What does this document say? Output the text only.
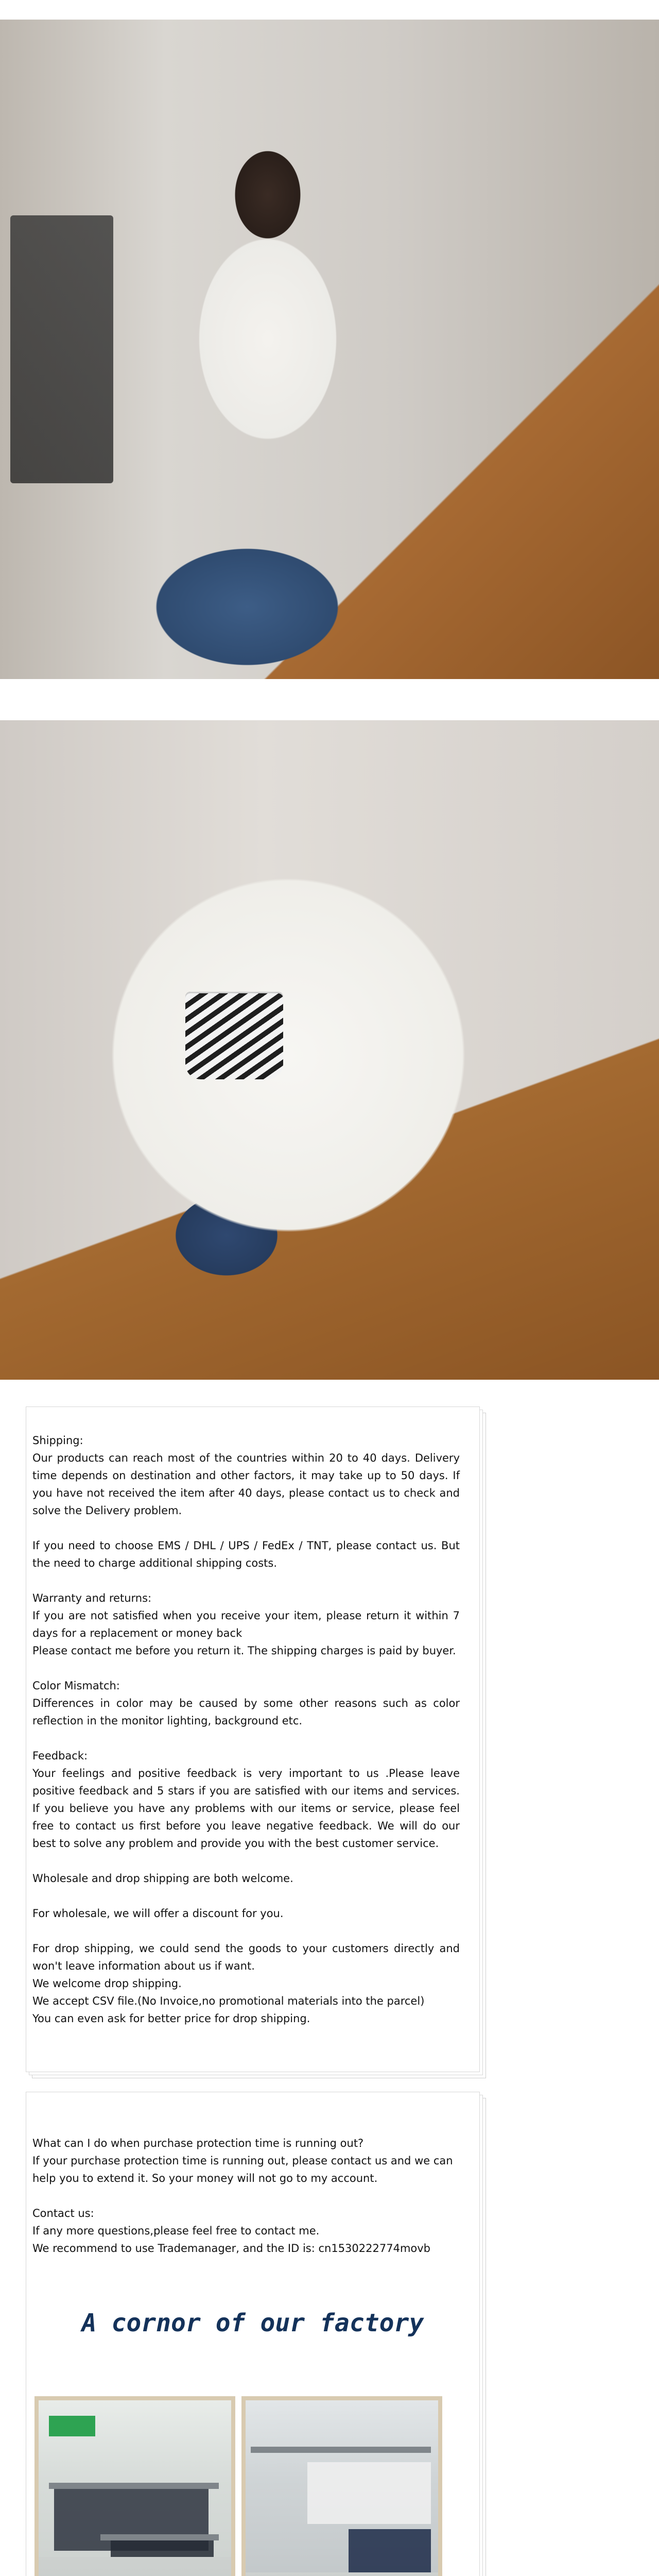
Shipping:

Our products can reach most of the countries within 20 to 40 days. Delivery time depends on destination and other factors, it may take up to 50 days. If you have not received the item after 40 days, please contact us to check and solve the Delivery problem.

If you need to choose EMS / DHL / UPS / FedEx / TNT, please contact us. But the need to charge additional shipping costs.

Warranty and returns:

If you are not satisfied when you receive your item, please return it within 7 days for a replacement or money back

Please contact me before you return it. The shipping charges is paid by buyer.

Color Mismatch:

Differences in color may be caused by some other reasons such as color reflection in the monitor lighting, background etc.

Feedback:

Your feelings and positive feedback is very important to us .Please leave positive feedback and 5 stars if you are satisfied with our items and services. If you believe you have any problems with our items or service, please feel free to contact us first before you leave negative feedback. We will do our best to solve any problem and provide you with the best customer service.

Wholesale and drop shipping are both welcome.

For wholesale, we will offer a discount for you.

For drop shipping, we could send the goods to your customers directly and won't leave information about us if want.

We welcome drop shipping.

We accept CSV file.(No Invoice,no promotional materials into the parcel)

You can even ask for better price for drop shipping.

What can I do when purchase protection time is running out?

If your purchase protection time is running out, please contact us and we can help you to extend it. So your money will not go to my account.

Contact us:

If any more questions,please feel free to contact me.

We recommend to use Trademanager, and the ID is: cn1530222774movb

A cornor of our factory
